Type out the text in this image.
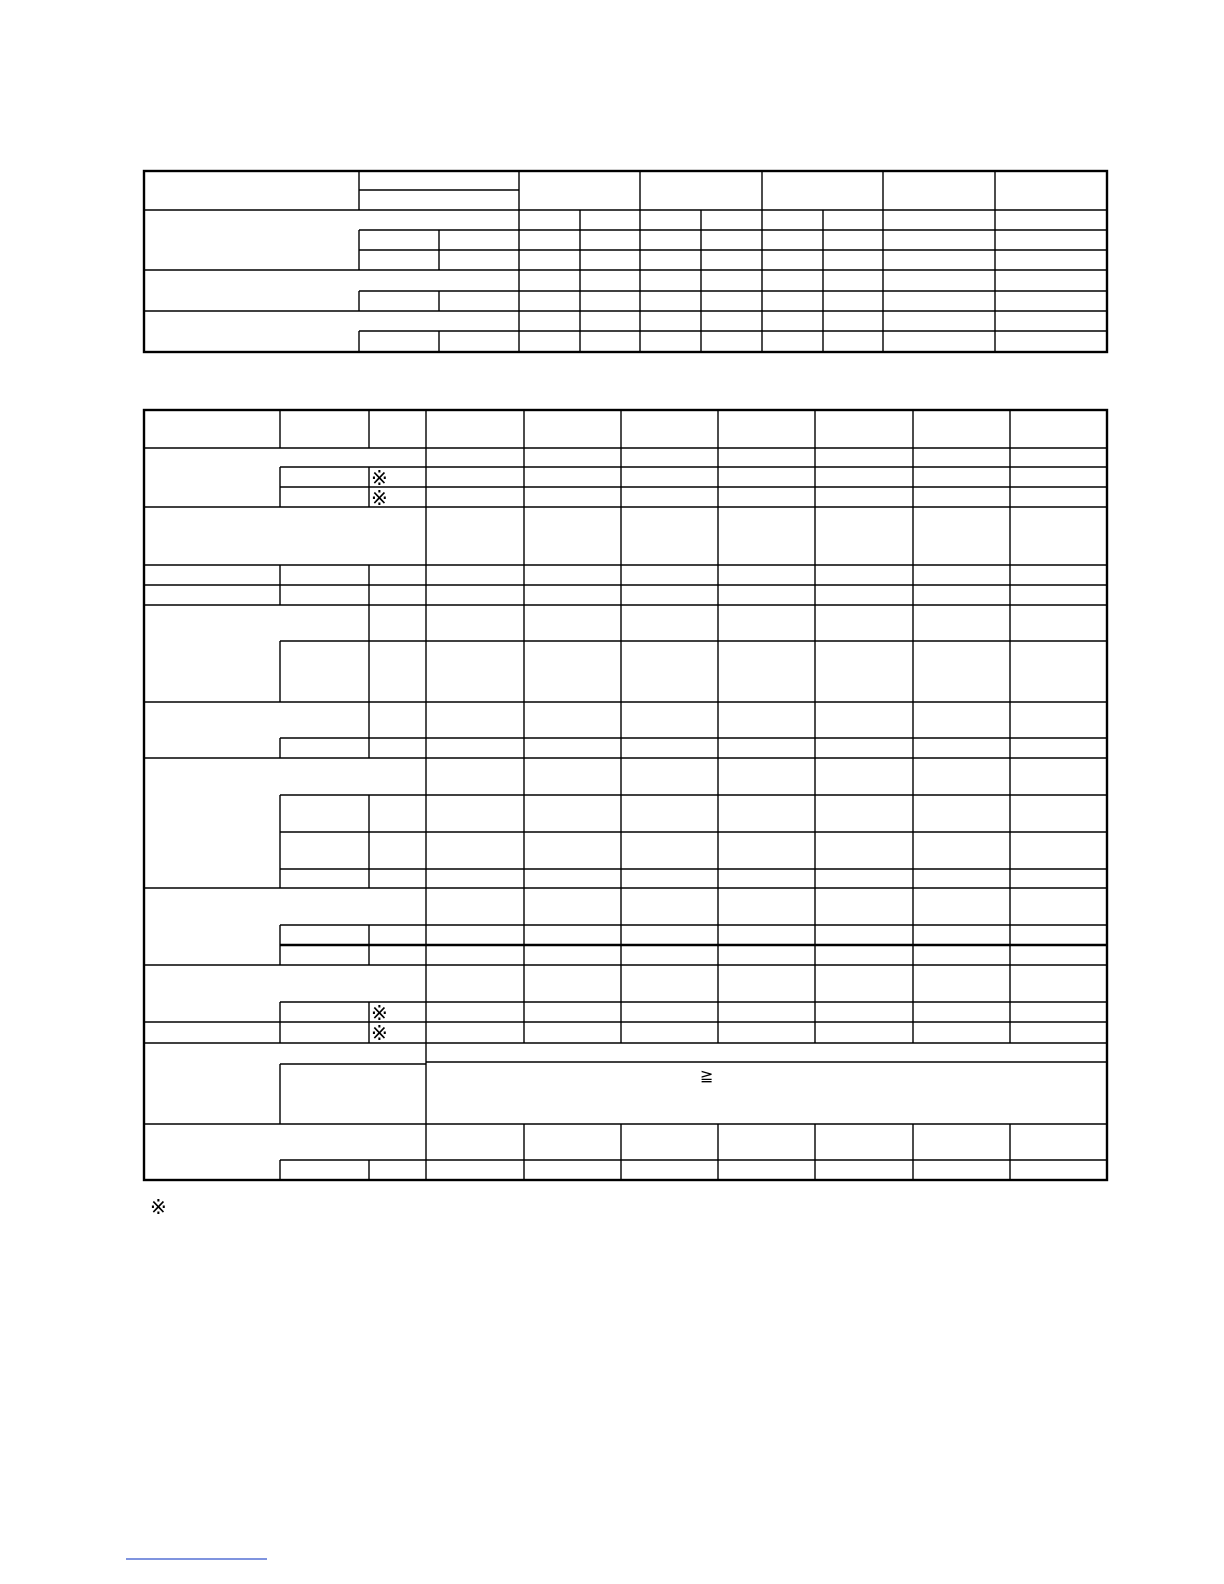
※
※
※
※
≧
※
